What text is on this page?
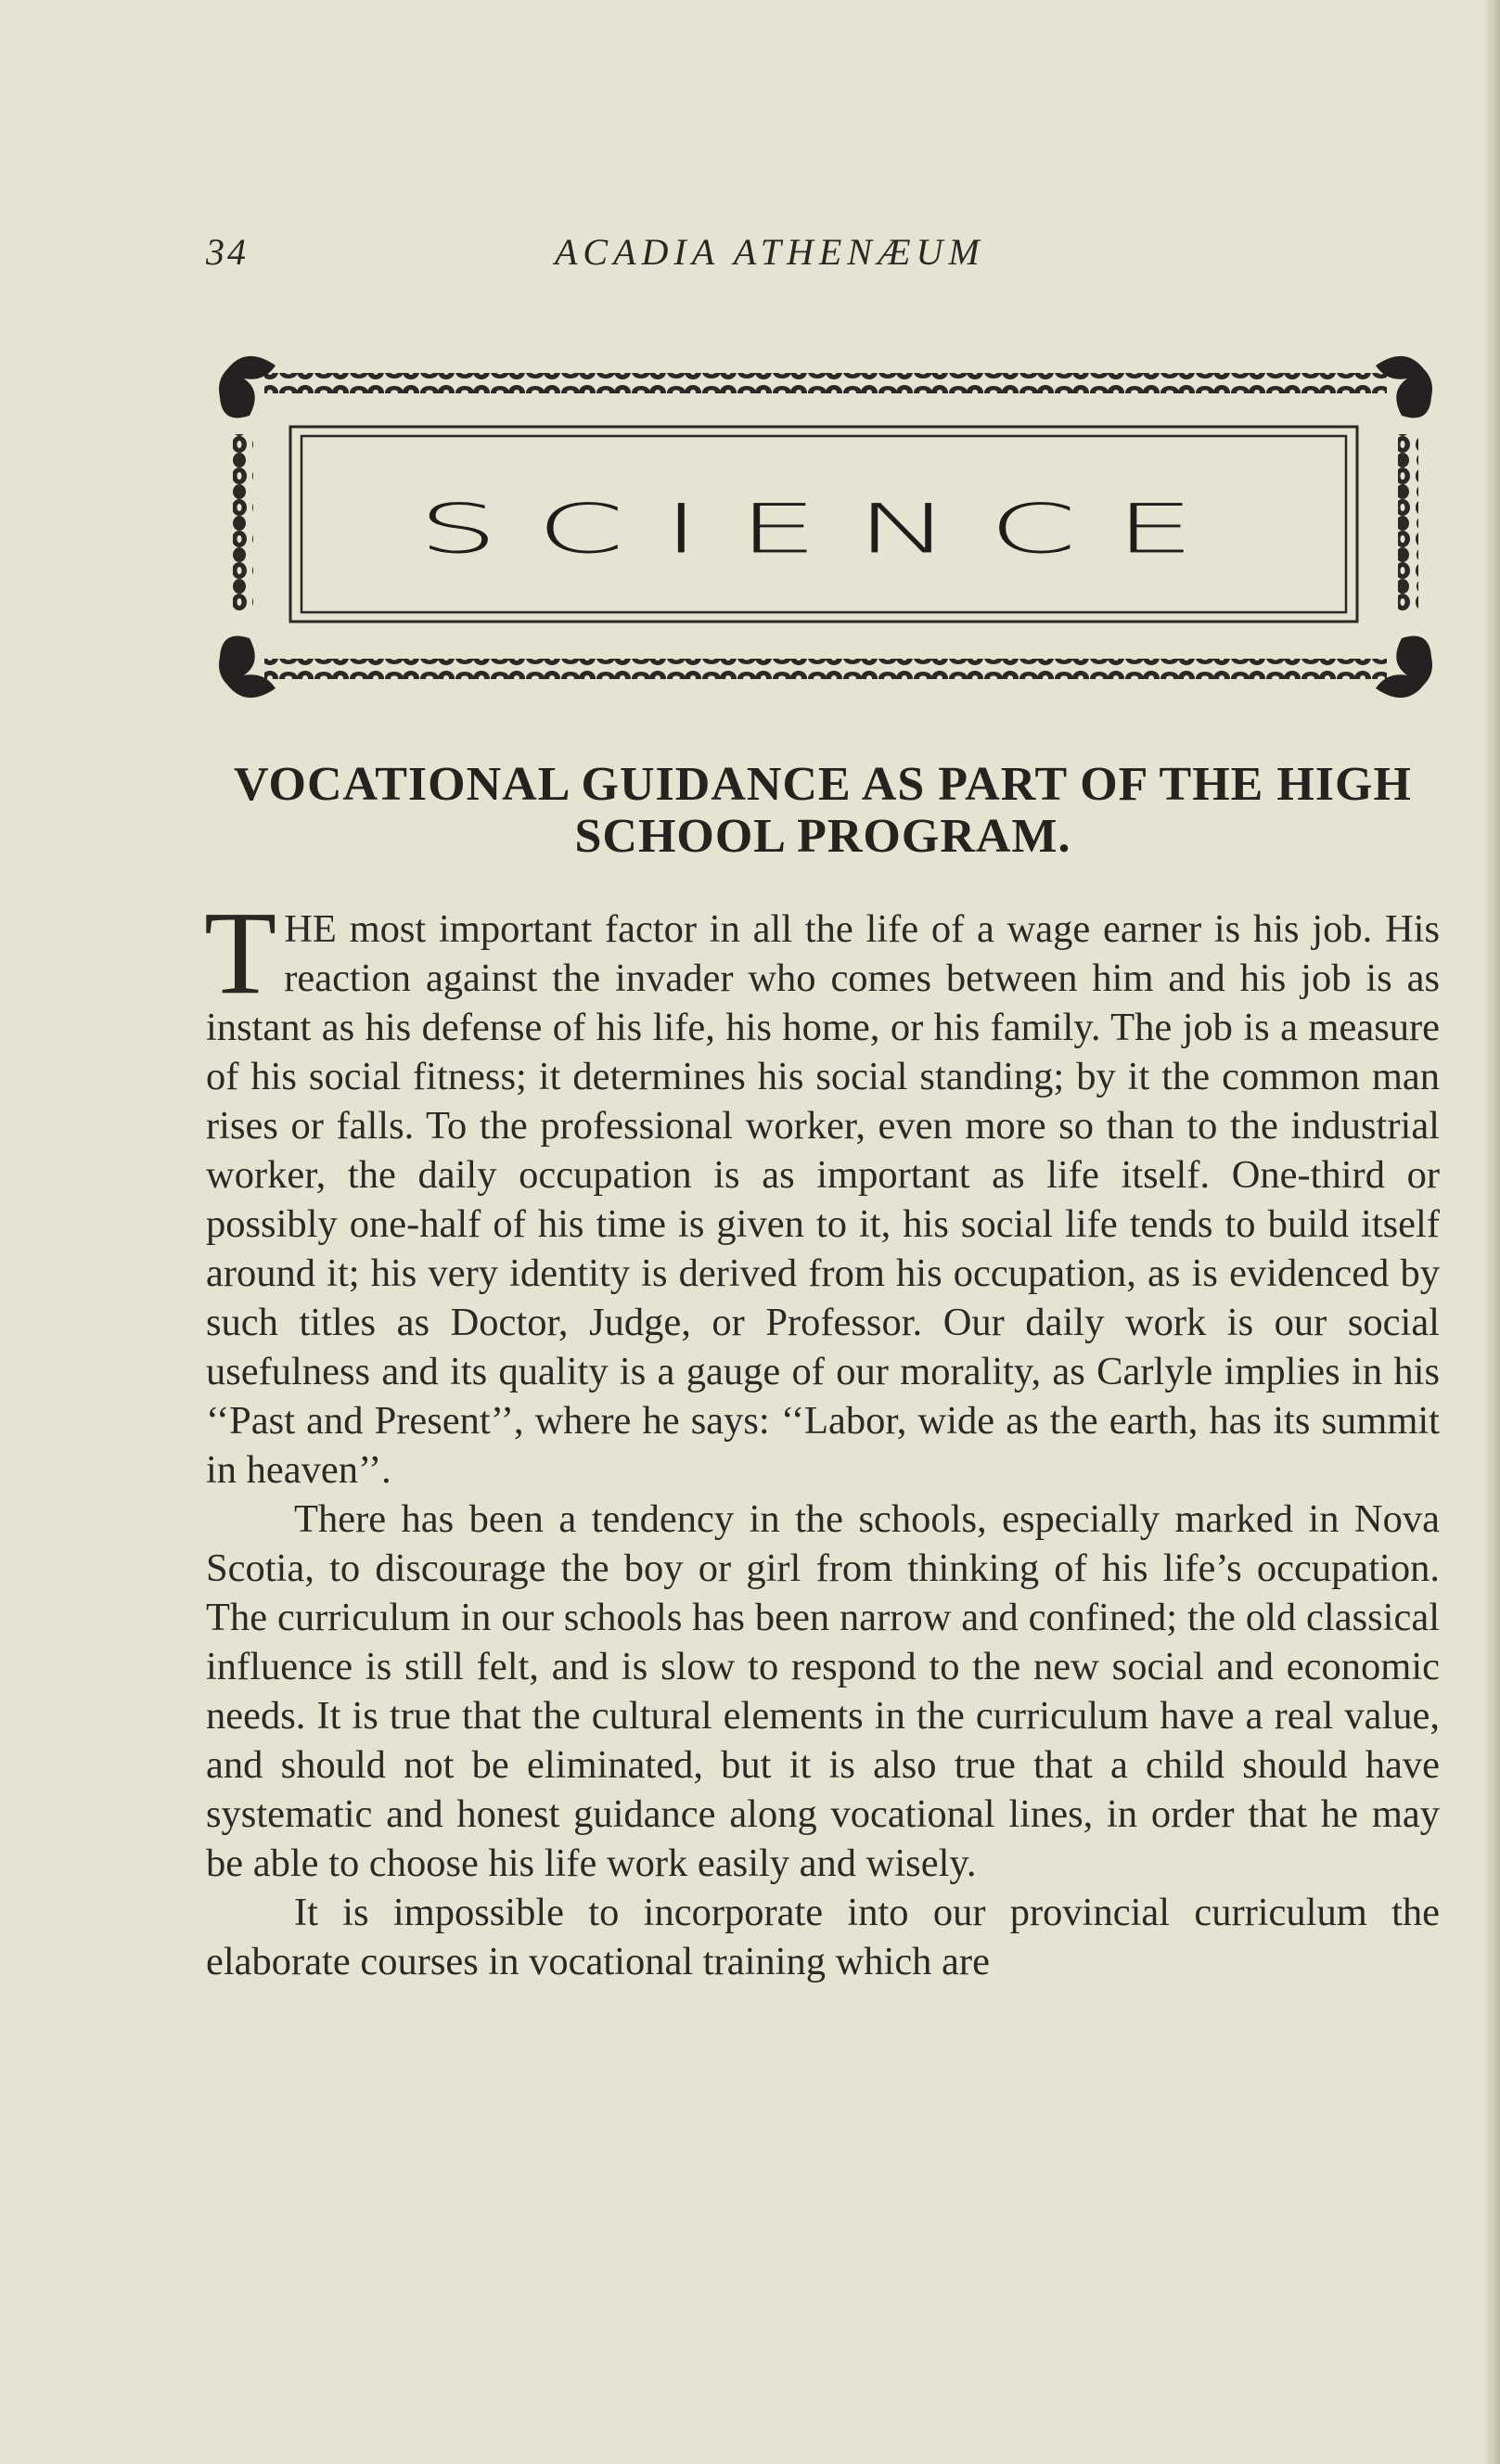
34	ACADIA ATHENÆUM
SCIENCE
VOCATIONAL GUIDANCE AS PART OF THE HIGH SCHOOL PROGRAM.

THE most important factor in all the life of a wage earner is his job. His reaction against the invader who comes between him and his job is as instant as his defense of his life, his home, or his family. The job is a measure of his social fitness; it determines his social standing; by it the common man rises or falls. To the professional worker, even more so than to the industrial worker, the daily occupation is as important as life itself. One-third or possibly one-half of his time is given to it, his social life tends to build itself around it; his very identity is derived from his occupation, as is evidenced by such titles as Doctor, Judge, or Professor. Our daily work is our social usefulness and its quality is a gauge of our morality, as Carlyle implies in his ‘‘Past and Present’’, where he says: ‘‘Labor, wide as the earth, has its summit in heaven’’.

There has been a tendency in the schools, especially marked in Nova Scotia, to discourage the boy or girl from thinking of his life’s occupation. The curriculum in our schools has been narrow and confined; the old classical influence is still felt, and is slow to respond to the new social and economic needs. It is true that the cultural elements in the curriculum have a real value, and should not be eliminated, but it is also true that a child should have systematic and honest guidance along vocational lines, in order that he may be able to choose his life work easily and wisely.

It is impossible to incorporate into our provincial curriculum the elaborate courses in vocational training which are
